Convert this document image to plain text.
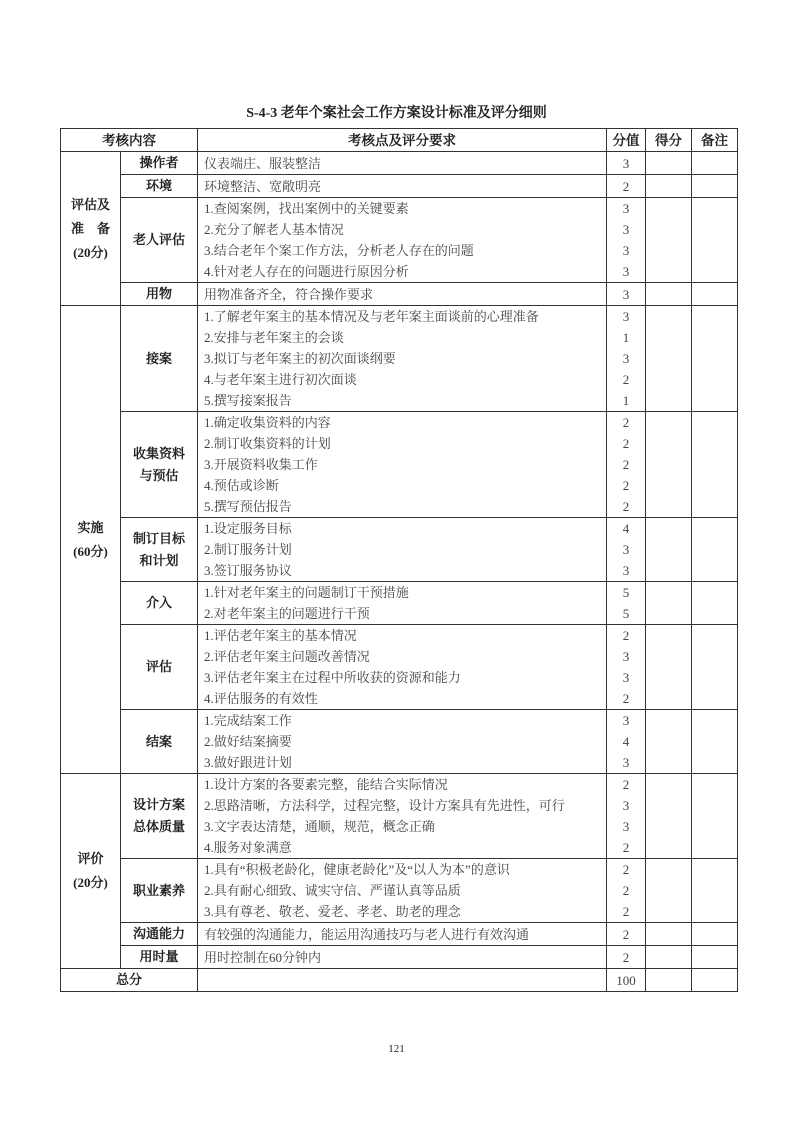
S-4-3 老年个案社会工作方案设计标准及评分细则
考核内容		考核点及评分要求	分值	得分	备注
评估及
准　备
(20分)	操作者	仪表端庄、服装整洁	3		
	环境	环境整洁、宽敞明亮	2		
	老人评估	1.查阅案例，找出案例中的关键要素	3		
		2.充分了解老人基本情况	3		
		3.结合老年个案工作方法，分析老人存在的问题	3		
		4.针对老人存在的问题进行原因分析	3		
	用物	用物准备齐全，符合操作要求	3		
实施
(60分)	接案	1.了解老年案主的基本情况及与老年案主面谈前的心理准备	3		
		2.安排与老年案主的会谈	1		
		3.拟订与老年案主的初次面谈纲要	3		
		4.与老年案主进行初次面谈	2		
		5.撰写接案报告	1		
	收集资料
与预估	1.确定收集资料的内容	2		
		2.制订收集资料的计划	2		
		3.开展资料收集工作	2		
		4.预估或诊断	2		
		5.撰写预估报告	2		
	制订目标
和计划	1.设定服务目标	4		
		2.制订服务计划	3		
		3.签订服务协议	3		
	介入	1.针对老年案主的问题制订干预措施	5		
		2.对老年案主的问题进行干预	5		
	评估	1.评估老年案主的基本情况	2		
		2.评估老年案主问题改善情况	3		
		3.评估老年案主在过程中所收获的资源和能力	3		
		4.评估服务的有效性	2		
	结案	1.完成结案工作	3		
		2.做好结案摘要	4		
		3.做好跟进计划	3		
评价
(20分)	设计方案
总体质量	1.设计方案的各要素完整，能结合实际情况	2		
		2.思路清晰，方法科学，过程完整，设计方案具有先进性，可行	3		
		3.文字表达清楚，通顺，规范，概念正确	3		
		4.服务对象满意	2		
	职业素养	1.具有“积极老龄化，健康老龄化”及“以人为本”的意识	2		
		2.具有耐心细致、诚实守信、严谨认真等品质	2		
		3.具有尊老、敬老、爱老、孝老、助老的理念	2		
	沟通能力	有较强的沟通能力，能运用沟通技巧与老人进行有效沟通	2		
	用时量	用时控制在60分钟内	2		
总分			100		
121
